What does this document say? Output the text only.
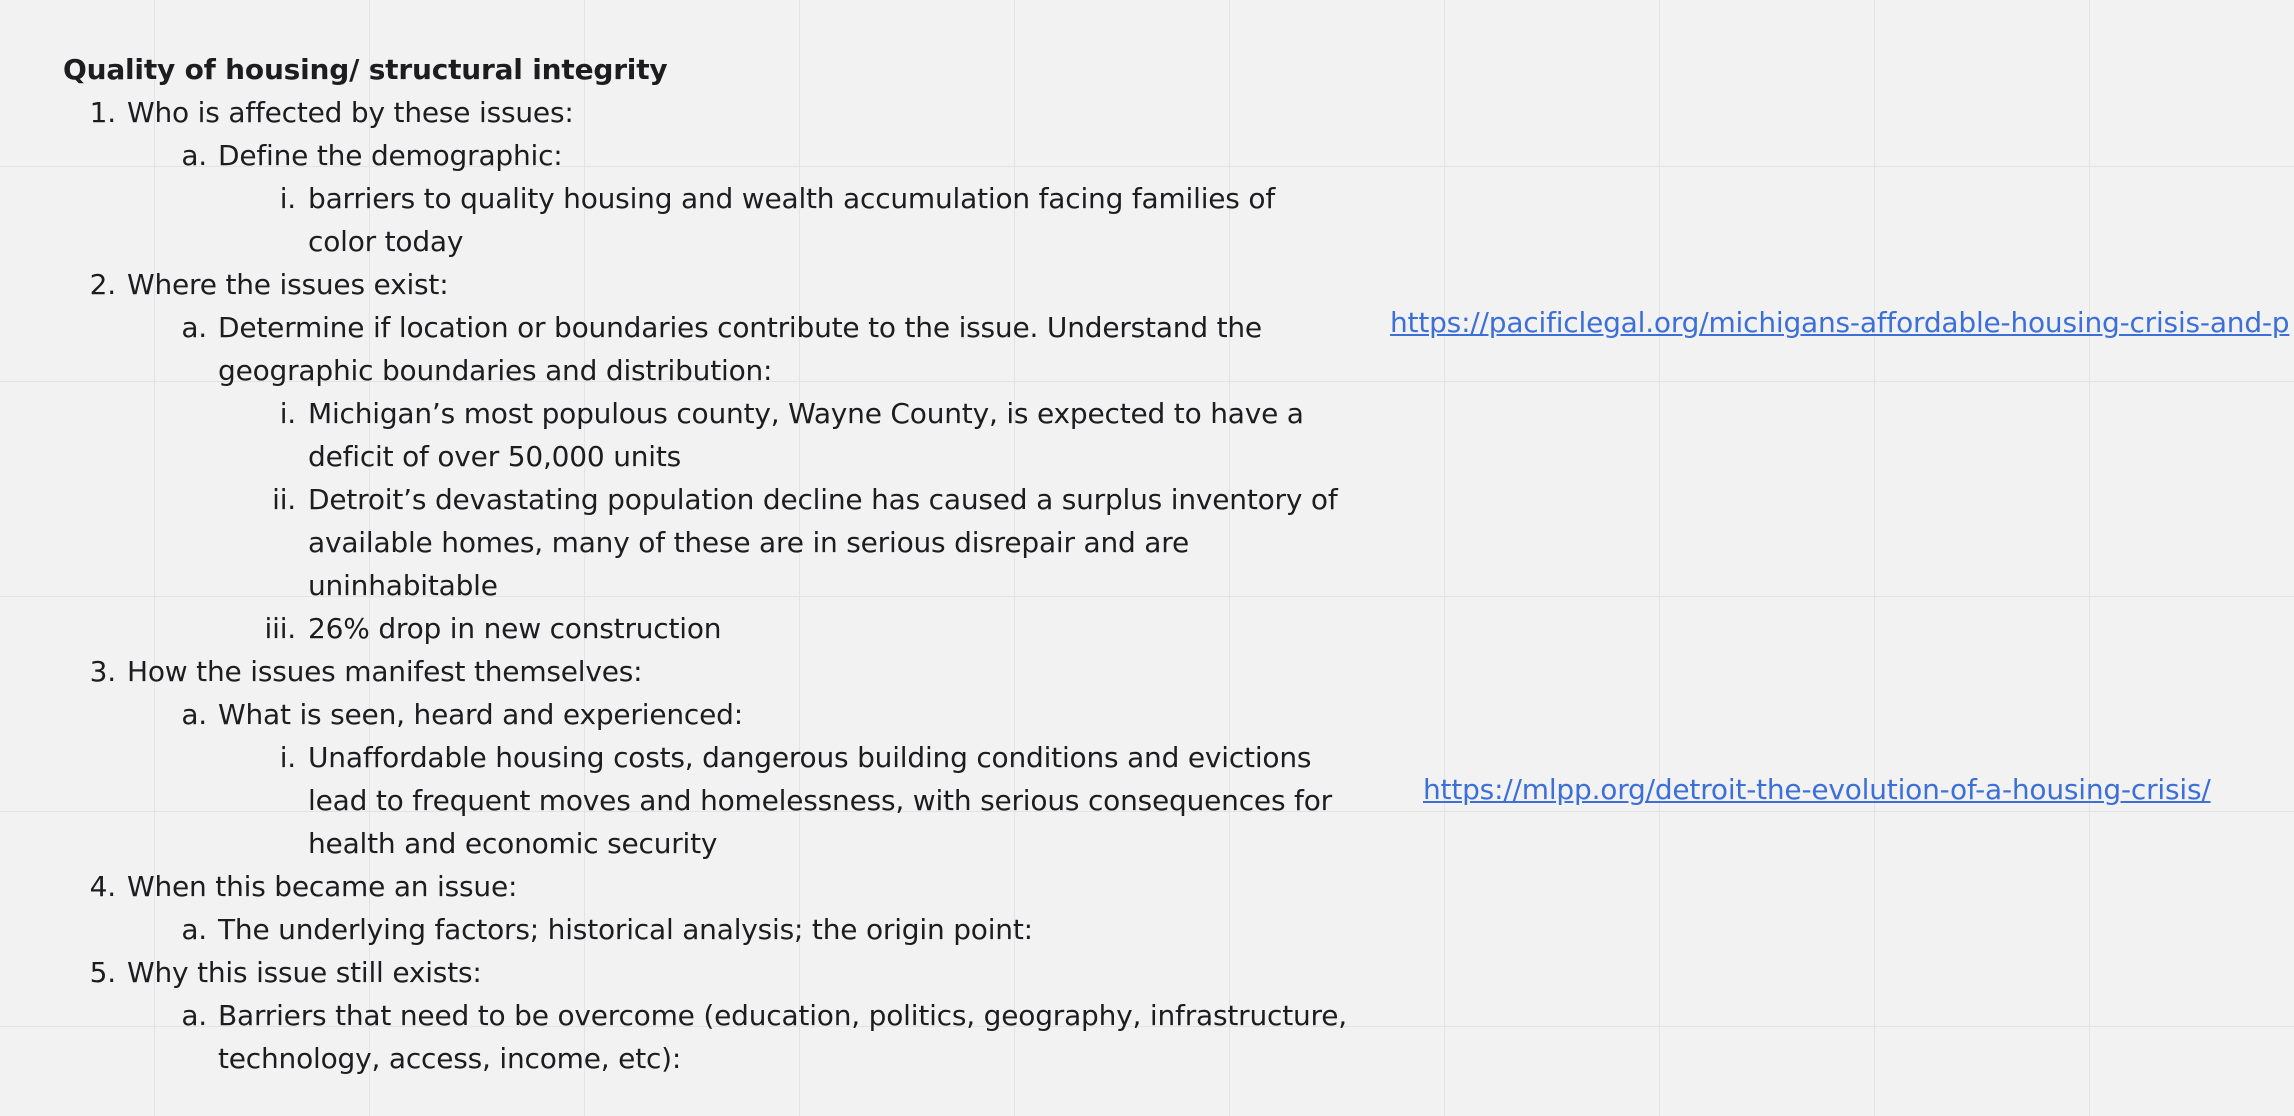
Quality of housing/ structural integrity
1. Who is affected by these issues:
a. Define the demographic:
i. barriers to quality housing and wealth accumulation facing families of
color today
2. Where the issues exist:
a. Determine if location or boundaries contribute to the issue. Understand the
geographic boundaries and distribution:
i. Michigan’s most populous county, Wayne County, is expected to have a
deficit of over 50,000 units
ii. Detroit’s devastating population decline has caused a surplus inventory of
available homes, many of these are in serious disrepair and are
uninhabitable
iii. 26% drop in new construction
3. How the issues manifest themselves:
a. What is seen, heard and experienced:
i. Unaffordable housing costs, dangerous building conditions and evictions
lead to frequent moves and homelessness, with serious consequences for
health and economic security
4. When this became an issue:
a. The underlying factors; historical analysis; the origin point:
5. Why this issue still exists:
a. Barriers that need to be overcome (education, politics, geography, infrastructure,
technology, access, income, etc):
https://pacificlegal.org/michigans-affordable-housing-crisis-and-p
https://mlpp.org/detroit-the-evolution-of-a-housing-crisis/
